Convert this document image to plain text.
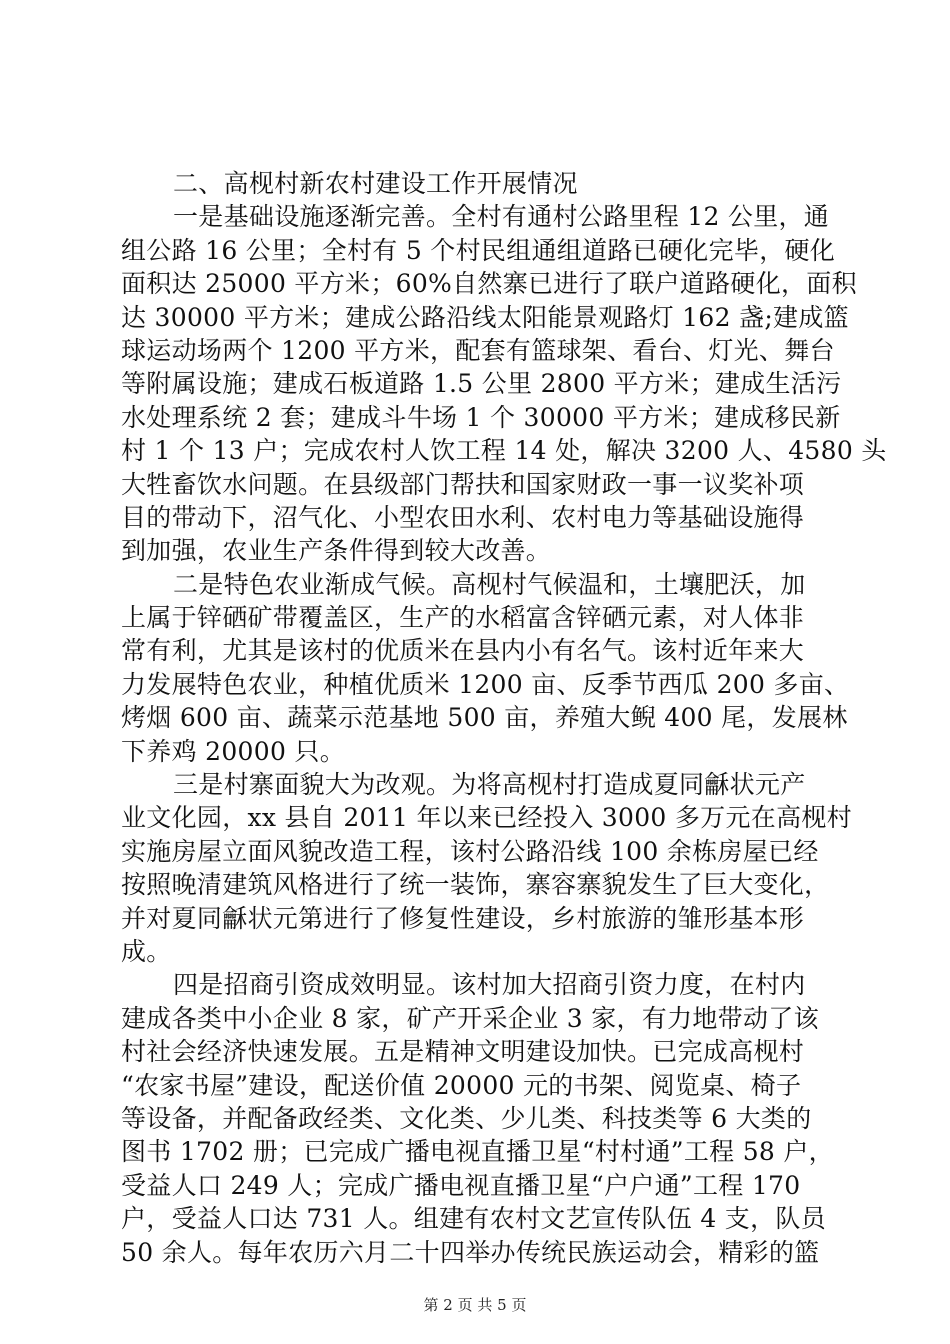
二、高枧村新农村建设工作开展情况
一是基础设施逐渐完善。全村有通村公路里程 12 公里，通
组公路 16 公里；全村有 5 个村民组通组道路已硬化完毕，硬化
面积达 25000 平方米；60%自然寨已进行了联户道路硬化，面积
达 30000 平方米；建成公路沿线太阳能景观路灯 162 盏;建成篮
球运动场两个 1200 平方米，配套有篮球架、看台、灯光、舞台
等附属设施；建成石板道路 1.5 公里 2800 平方米；建成生活污
水处理系统 2 套；建成斗牛场 1 个 30000 平方米；建成移民新
村 1 个 13 户；完成农村人饮工程 14 处，解决 3200 人、4580 头
大牲畜饮水问题。在县级部门帮扶和国家财政一事一议奖补项
目的带动下，沼气化、小型农田水利、农村电力等基础设施得
到加强，农业生产条件得到较大改善。
二是特色农业渐成气候。高枧村气候温和，土壤肥沃，加
上属于锌硒矿带覆盖区，生产的水稻富含锌硒元素，对人体非
常有利，尤其是该村的优质米在县内小有名气。该村近年来大
力发展特色农业，种植优质米 1200 亩、反季节西瓜 200 多亩、
烤烟 600 亩、蔬菜示范基地 500 亩，养殖大鲵 400 尾，发展林
下养鸡 20000 只。
三是村寨面貌大为改观。为将高枧村打造成夏同龢状元产
业文化园，xx 县自 2011 年以来已经投入 3000 多万元在高枧村
实施房屋立面风貌改造工程，该村公路沿线 100 余栋房屋已经
按照晚清建筑风格进行了统一装饰，寨容寨貌发生了巨大变化，
并对夏同龢状元第进行了修复性建设，乡村旅游的雏形基本形
成。
四是招商引资成效明显。该村加大招商引资力度，在村内
建成各类中小企业 8 家，矿产开采企业 3 家，有力地带动了该
村社会经济快速发展。五是精神文明建设加快。已完成高枧村
“农家书屋”建设，配送价值 20000 元的书架、阅览桌、椅子
等设备，并配备政经类、文化类、少儿类、科技类等 6 大类的
图书 1702 册；已完成广播电视直播卫星“村村通”工程 58 户，
受益人口 249 人；完成广播电视直播卫星“户户通”工程 170
户，受益人口达 731 人。组建有农村文艺宣传队伍 4 支，队员
50 余人。每年农历六月二十四举办传统民族运动会，精彩的篮
第 2 页 共 5 页
